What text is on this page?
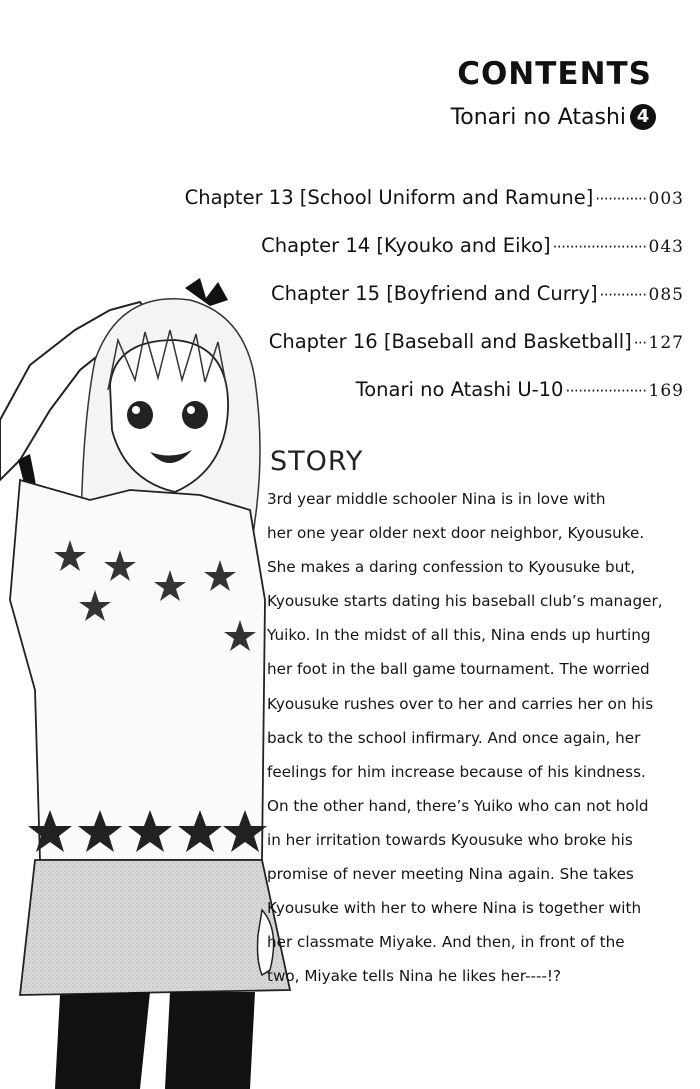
CONTENTS
Tonari no Atashi 4
Chapter 13 [School Uniform and Ramune] ············ 003
Chapter 14 [Kyouko and Eiko] ······················ 043
Chapter 15 [Boyfriend and Curry] ··········· 085
Chapter 16 [Baseball and Basketball] ··· 127
Tonari no Atashi U-10 ··················· 169
STORY
3rd year middle schooler Nina is in love with
her one year older next door neighbor, Kyousuke.
She makes a daring confession to Kyousuke but,
Kyousuke starts dating his baseball club’s manager,
Yuiko. In the midst of all this, Nina ends up hurting
her foot in the ball game tournament. The worried
Kyousuke rushes over to her and carries her on his
back to the school infirmary. And once again, her
feelings for him increase because of his kindness.
On the other hand, there’s Yuiko who can not hold
in her irritation towards Kyousuke who broke his
promise of never meeting Nina again. She takes
Kyousuke with her to where Nina is together with
her classmate Miyake. And then, in front of the
two, Miyake tells Nina he likes her----!?
